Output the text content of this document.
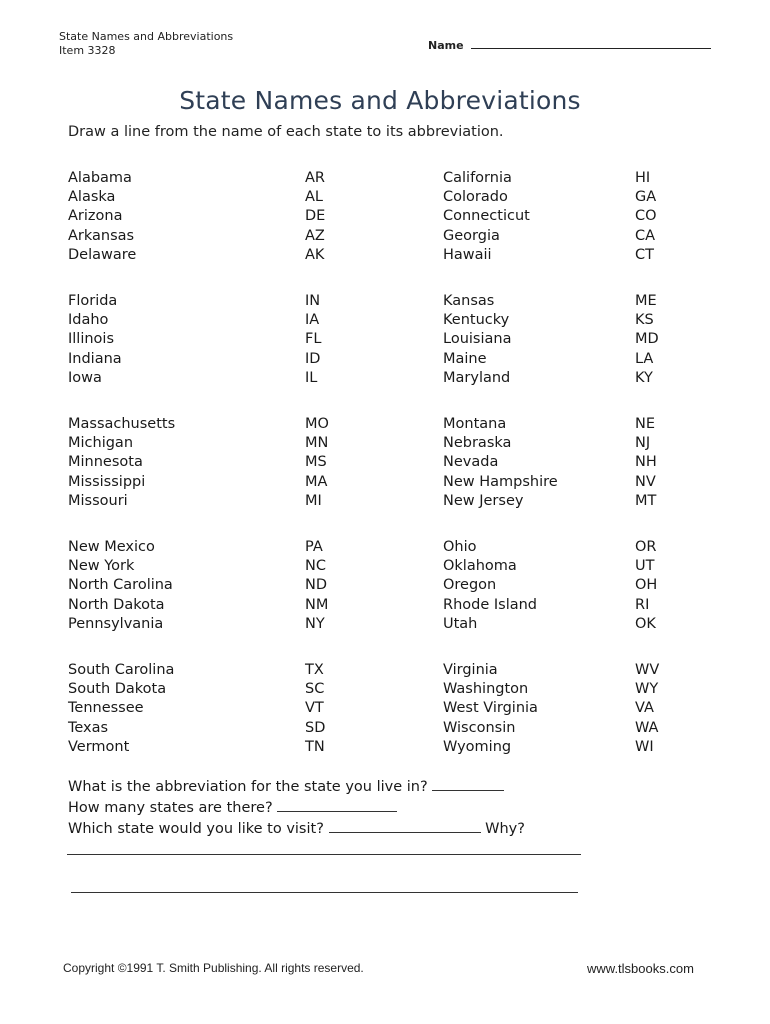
State Names and Abbreviations
Item 3328	Name
State Names and Abbreviations
Draw a line from the name of each state to its abbreviation.
Alabama	AR	California	HI
Alaska	AL	Colorado	GA
Arizona	DE	Connecticut	CO
Arkansas	AZ	Georgia	CA
Delaware	AK	Hawaii	CT
Florida	IN	Kansas	ME
Idaho	IA	Kentucky	KS
Illinois	FL	Louisiana	MD
Indiana	ID	Maine	LA
Iowa	IL	Maryland	KY
Massachusetts	MO	Montana	NE
Michigan	MN	Nebraska	NJ
Minnesota	MS	Nevada	NH
Mississippi	MA	New Hampshire	NV
Missouri	MI	New Jersey	MT
New Mexico	PA	Ohio	OR
New York	NC	Oklahoma	UT
North Carolina	ND	Oregon	OH
North Dakota	NM	Rhode Island	RI
Pennsylvania	NY	Utah	OK
South Carolina	TX	Virginia	WV
South Dakota	SC	Washington	WY
Tennessee	VT	West Virginia	VA
Texas	SD	Wisconsin	WA
Vermont	TN	Wyoming	WI
What is the abbreviation for the state you live in?
How many states are there?
Which state would you like to visit?	Why?
Copyright ©1991 T. Smith Publishing. All rights reserved.	www.tlsbooks.com
